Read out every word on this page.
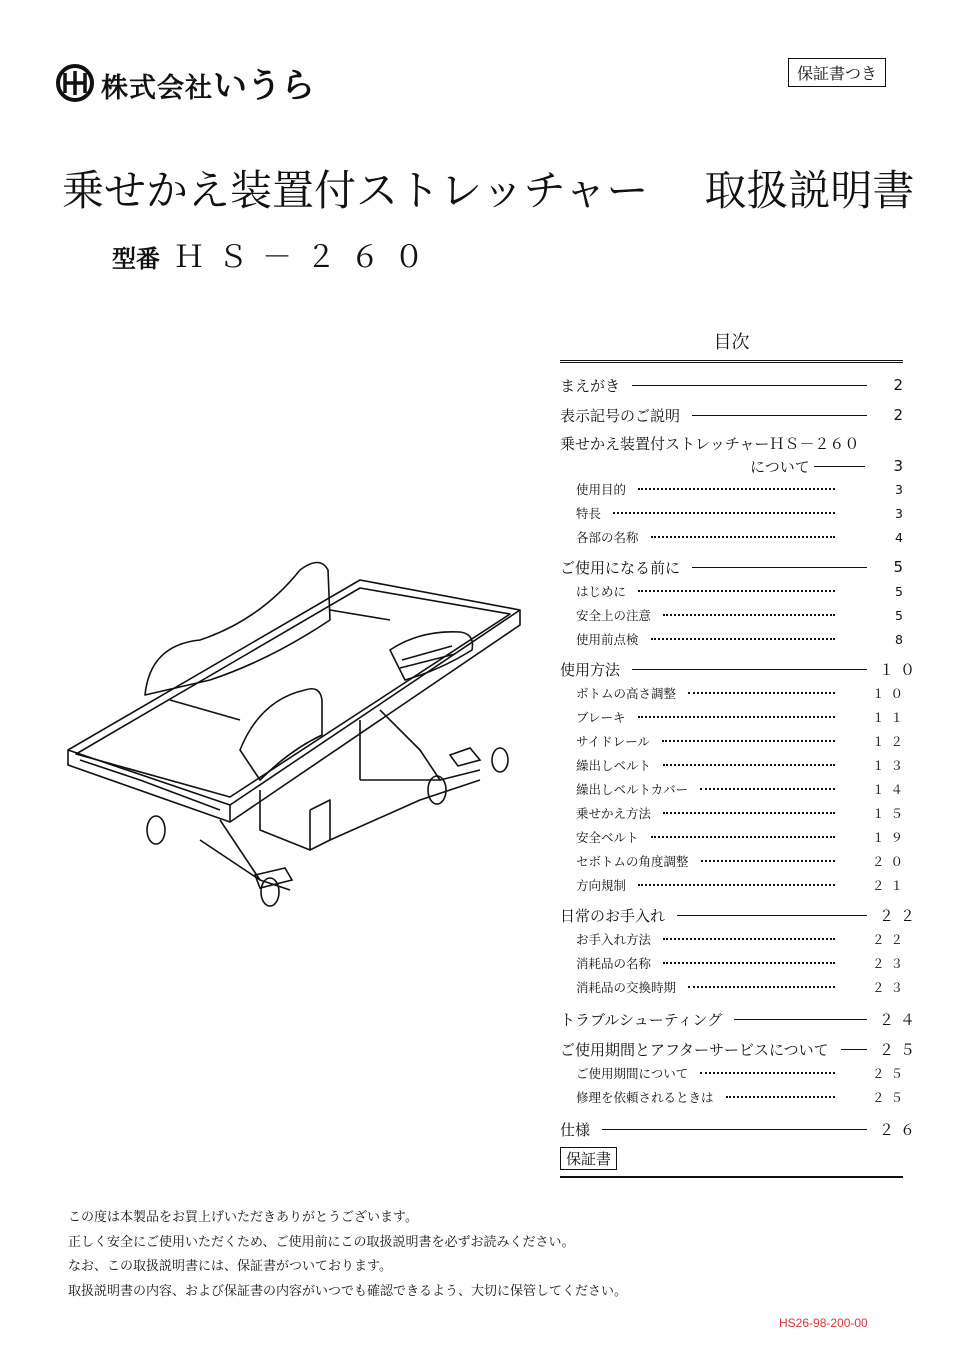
株式会社いうら	保証書つき
乗せかえ装置付ストレッチャー 取扱説明書
型番 ＨＳ－２６０
目次
まえがき	2
表示記号のご説明	2
乗せかえ装置付ストレッチャーＨＳ－２６０
について	3
使用目的	3
特長	3
各部の名称	4
ご使用になる前に	5
はじめに	5
安全上の注意	5
使用前点検	8
使用方法	１０
ボトムの高さ調整	１０
ブレーキ	１１
サイドレール	１２
繰出しベルト	１３
繰出しベルトカバー	１４
乗せかえ方法	１５
安全ベルト	１９
セボトムの角度調整	２０
方向規制	２１
日常のお手入れ	２２
お手入れ方法	２２
消耗品の名称	２３
消耗品の交換時期	２３
トラブルシューティング	２４
ご使用期間とアフターサービスについて	２５
ご使用期間について	２５
修理を依頼されるときは	２５
仕様	２６
保証書
この度は本製品をお買上げいただきありがとうございます。
正しく安全にご使用いただくため、ご使用前にこの取扱説明書を必ずお読みください。
なお、この取扱説明書には、保証書がついております。
取扱説明書の内容、および保証書の内容がいつでも確認できるよう、大切に保管してください。
HS26-98-200-00
